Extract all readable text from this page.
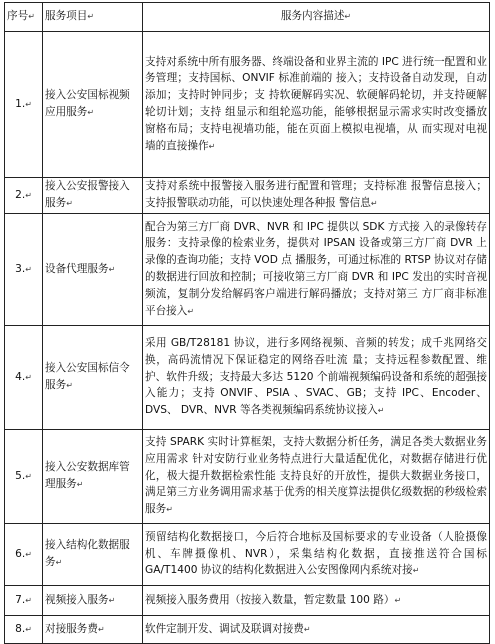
序号↵	服务项目↵	服务内容描述↵
1.↵	接入公安国标视频应用服务↵	支持对系统中所有服务器、终端设备和业界主流的 IPC 进行统一配置和业务管理；支持国标、ONVIF 标准前端的 接入；支持设备自动发现，自动添加；支持时钟同步；支 持软硬解码实况、软硬解码轮切，并支持硬解轮切计划；支持 组显示和组轮巡功能，能够根据显示需求实时改变播放 窗格布局；支持电视墙功能，能在页面上模拟电视墙，从 而实现对电视墙的直接操作↵
2.↵	接入公安报警接入服务↵	支持对系统中报警接入服务进行配置和管理；支持标准 报警信息接入；支持报警联动功能，可以快速处理各种报 警信息↵
3.↵	设备代理服务↵	配合为第三方厂商 DVR、NVR 和 IPC 提供以 SDK 方式接 入的录像转存服务：支持录像的检索业务，提供对 IPSAN 设备或第三方厂商 DVR 上录像的查询功能；支持 VOD 点 播服务，可通过标准的 RTSP 协议对存储的数据进行回放和控制；可接收第三方厂商 DVR 和 IPC 发出的实时音视 频流，复制分发给解码客户端进行解码播放；支持对第三 方厂商非标准平台接入↵
4.↵	接入公安国标信令服务↵	采用 GB/T28181 协议，进行多网络视频、音频的转发；成千兆网络交换，高码流情况下保证稳定的网络吞吐流 量；支持远程参数配置、维护、软件升级；支持最大多达 5120 个前端视频编码设备和系统的超强接入能力；支持 ONVIF、PSIA 、SVAC、GB；支持 IPC、Encoder、DVS、 DVR、NVR 等各类视频编码系统协议接入↵
5.↵	接入公安数据库管理服务↵	支持 SPARK 实时计算框架，支持大数据分析任务，满足各类大数据业务应用需求 针对安防行业业务特点进行大量适配优化，对数据存储进行优化，极大提升数据检索性能 支持良好的开放性，提供大数据业务接口，满足第三方业务调用需求基于优秀的相关度算法提供亿级数据的秒级检索服务↵
6.↵	接入结构化数据服务↵	预留结构化数据接口，今后符合地标及国标要求的专业设备（人脸摄像机、车牌摄像机、NVR），采集结构化数据，直接推送符合国标 GA/T1400 协议的结构化数据进入公安图像网内系统对接↵
7.↵	视频接入服务↵	视频接入服务费用（按接入数量，暂定数量 100 路）↵
8.↵	对接服务费↵	软件定制开发、调试及联调对接费↵
